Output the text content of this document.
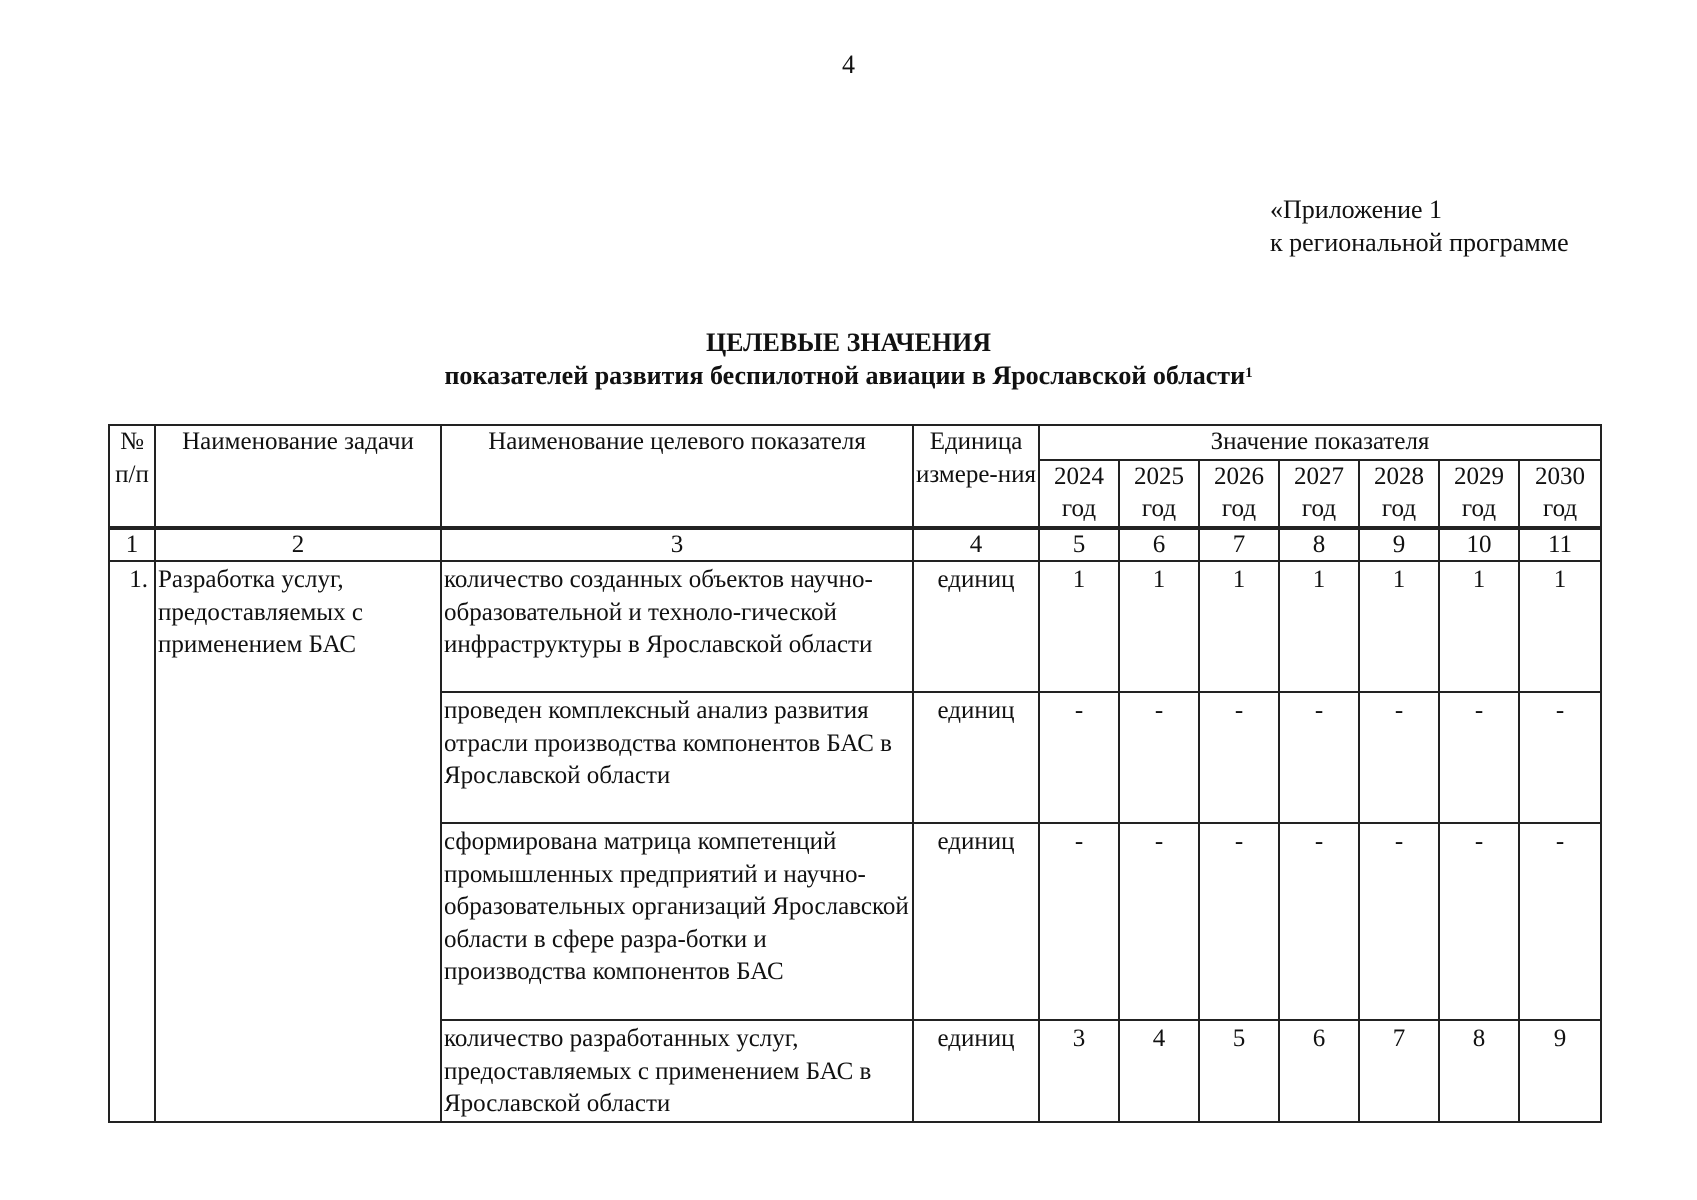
4
«Приложение 1
к региональной программе
ЦЕЛЕВЫЕ ЗНАЧЕНИЯ
показателей развития беспилотной авиации в Ярославской области$^1$
№ п/п	Наименование задачи	Наименование целевого показателя	Единица измере-ния	Значение показателя						
				2024 год	2025 год	2026 год	2027 год	2028 год	2029 год	2030 год
1	2	3	4	5	6	7	8	9	10	11
1.	Разработка услуг, предоставляемых с применением БАС	количество созданных объектов научно-образовательной и техноло-гической инфраструктуры в Ярославской области	единиц	1	1	1	1	1	1	1
		проведен комплексный анализ развития отрасли производства компонентов БАС в Ярославской области	единиц	-	-	-	-	-	-	-
		сформирована матрица компетенций промышленных предприятий и научно-образовательных организаций Ярославской области в сфере разра-ботки и производства компонентов БАС	единиц	-	-	-	-	-	-	-
		количество разработанных услуг, предоставляемых с применением БАС в Ярославской области	единиц	3	4	5	6	7	8	9
